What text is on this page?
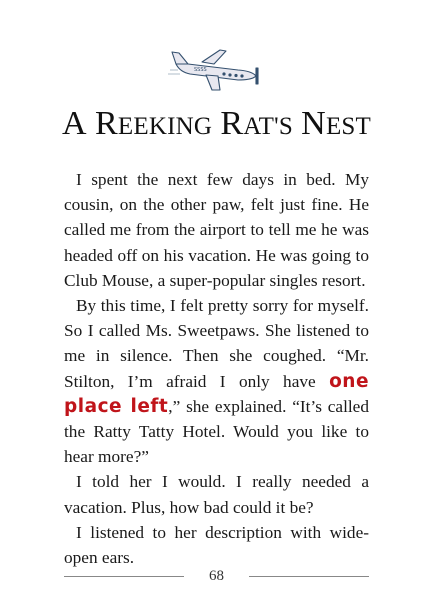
SSSS
A REEKING RAT'S NEST

I spent the next few days in bed. My cousin, on the other paw, felt just fine. He called me from the airport to tell me he was headed off on his vacation. He was going to Club Mouse, a super-popular singles resort.

By this time, I felt pretty sorry for myself. So I called Ms. Sweetpaws. She listened to me in silence. Then she coughed. “Mr. Stilton, I’m afraid I only have one place left,” she explained. “It’s called the Ratty Tatty Hotel. Would you like to hear more?”

I told her I would. I really needed a vacation. Plus, how bad could it be?

I listened to her description with wide-open ears.

68
